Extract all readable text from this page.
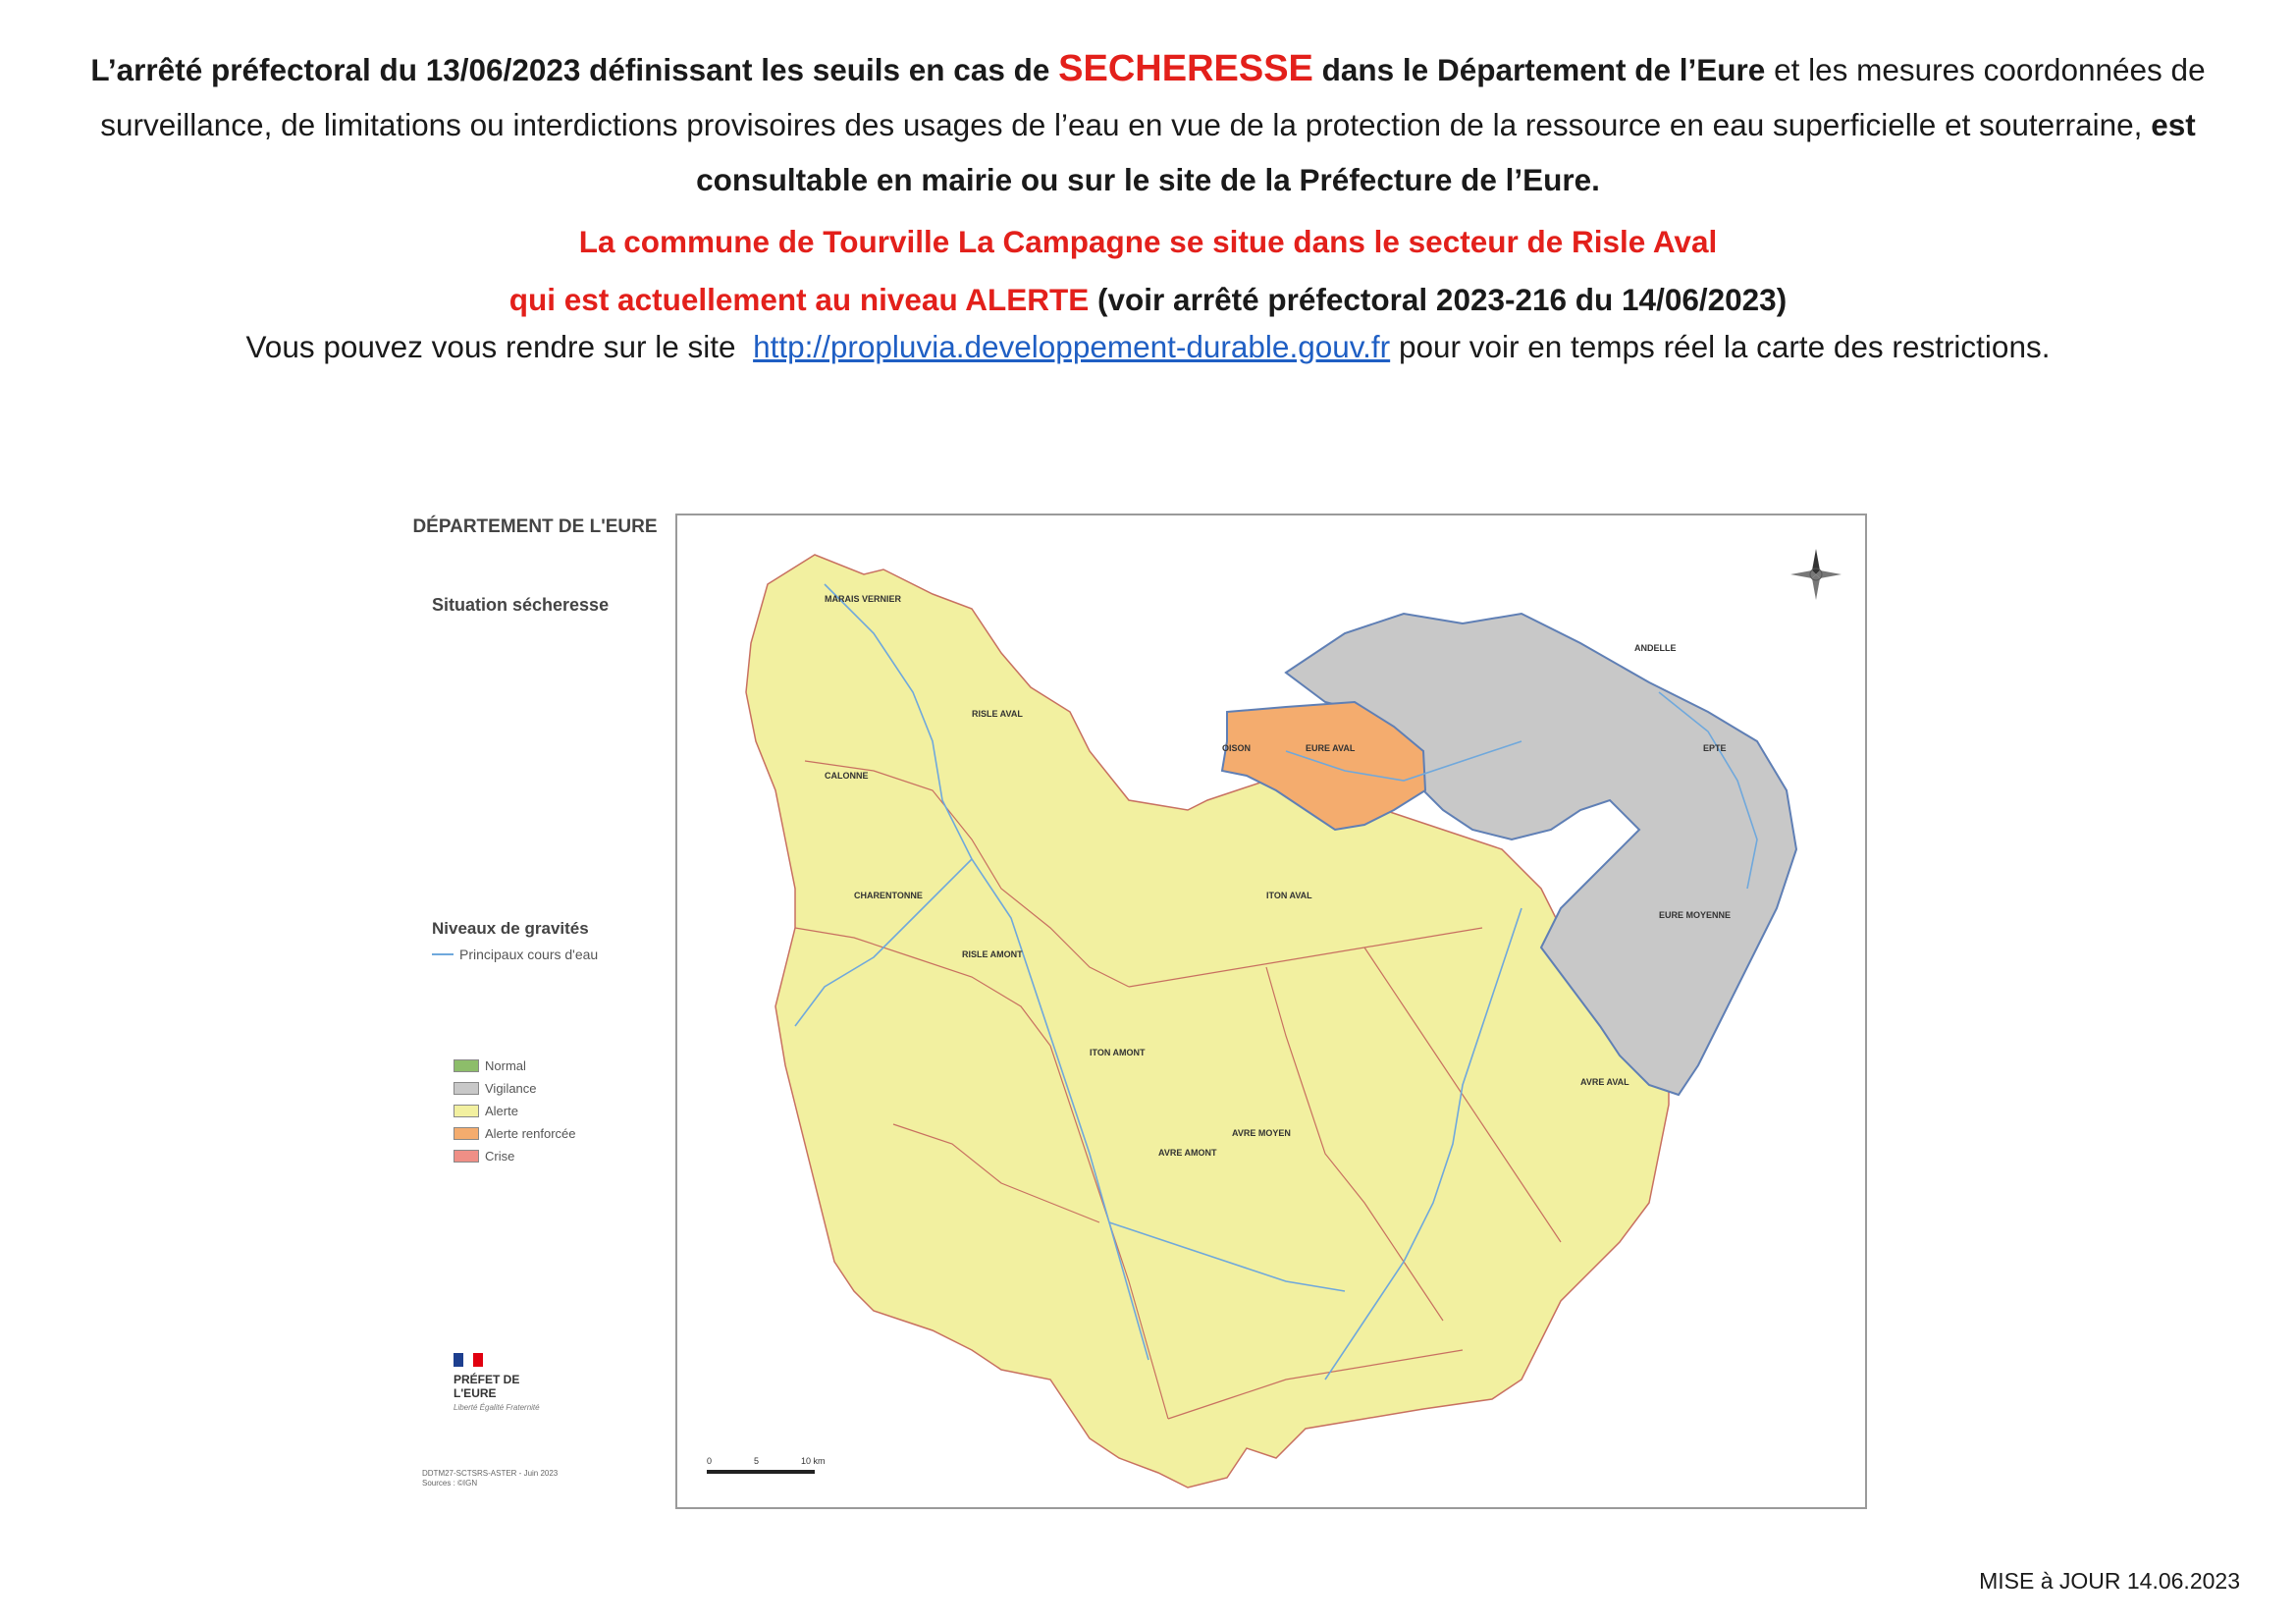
L’arrêté préfectoral du 13/06/2023 définissant les seuils en cas de SECHERESSE dans le Département de l’Eure et les mesures coordonnées de surveillance, de limitations ou interdictions provisoires des usages de l’eau en vue de la protection de la ressource en eau superficielle et souterraine, est consultable en mairie ou sur le site de la Préfecture de l’Eure.
La commune de Tourville La Campagne se situe dans le secteur de Risle Aval
qui est actuellement au niveau ALERTE (voir arrêté préfectoral 2023-216 du 14/06/2023)
Vous pouvez vous rendre sur le site http://propluvia.developpement-durable.gouv.fr pour voir en temps réel la carte des restrictions.
DÉPARTEMENT DE L'EURE
Situation sécheresse
Niveaux de gravités
Principaux cours d'eau
Normal
Vigilance
Alerte
Alerte renforcée
Crise
PRÉFET DE L'EURE
Liberté Égalité Fraternité
DDTM27-SCTSRS-ASTER - Juin 2023
Sources : ©IGN
MARAIS VERNIER
RISLE AVAL
OISON	EURE AVAL
ANDELLE
EPTE
CALONNE
CHARENTONNE	ITON AVAL
EURE MOYENNE
RISLE AMONT
ITON AMONT
AVRE AVAL
AVRE MOYEN
AVRE AMONT
0	5	10 km
MISE à JOUR 14.06.2023
